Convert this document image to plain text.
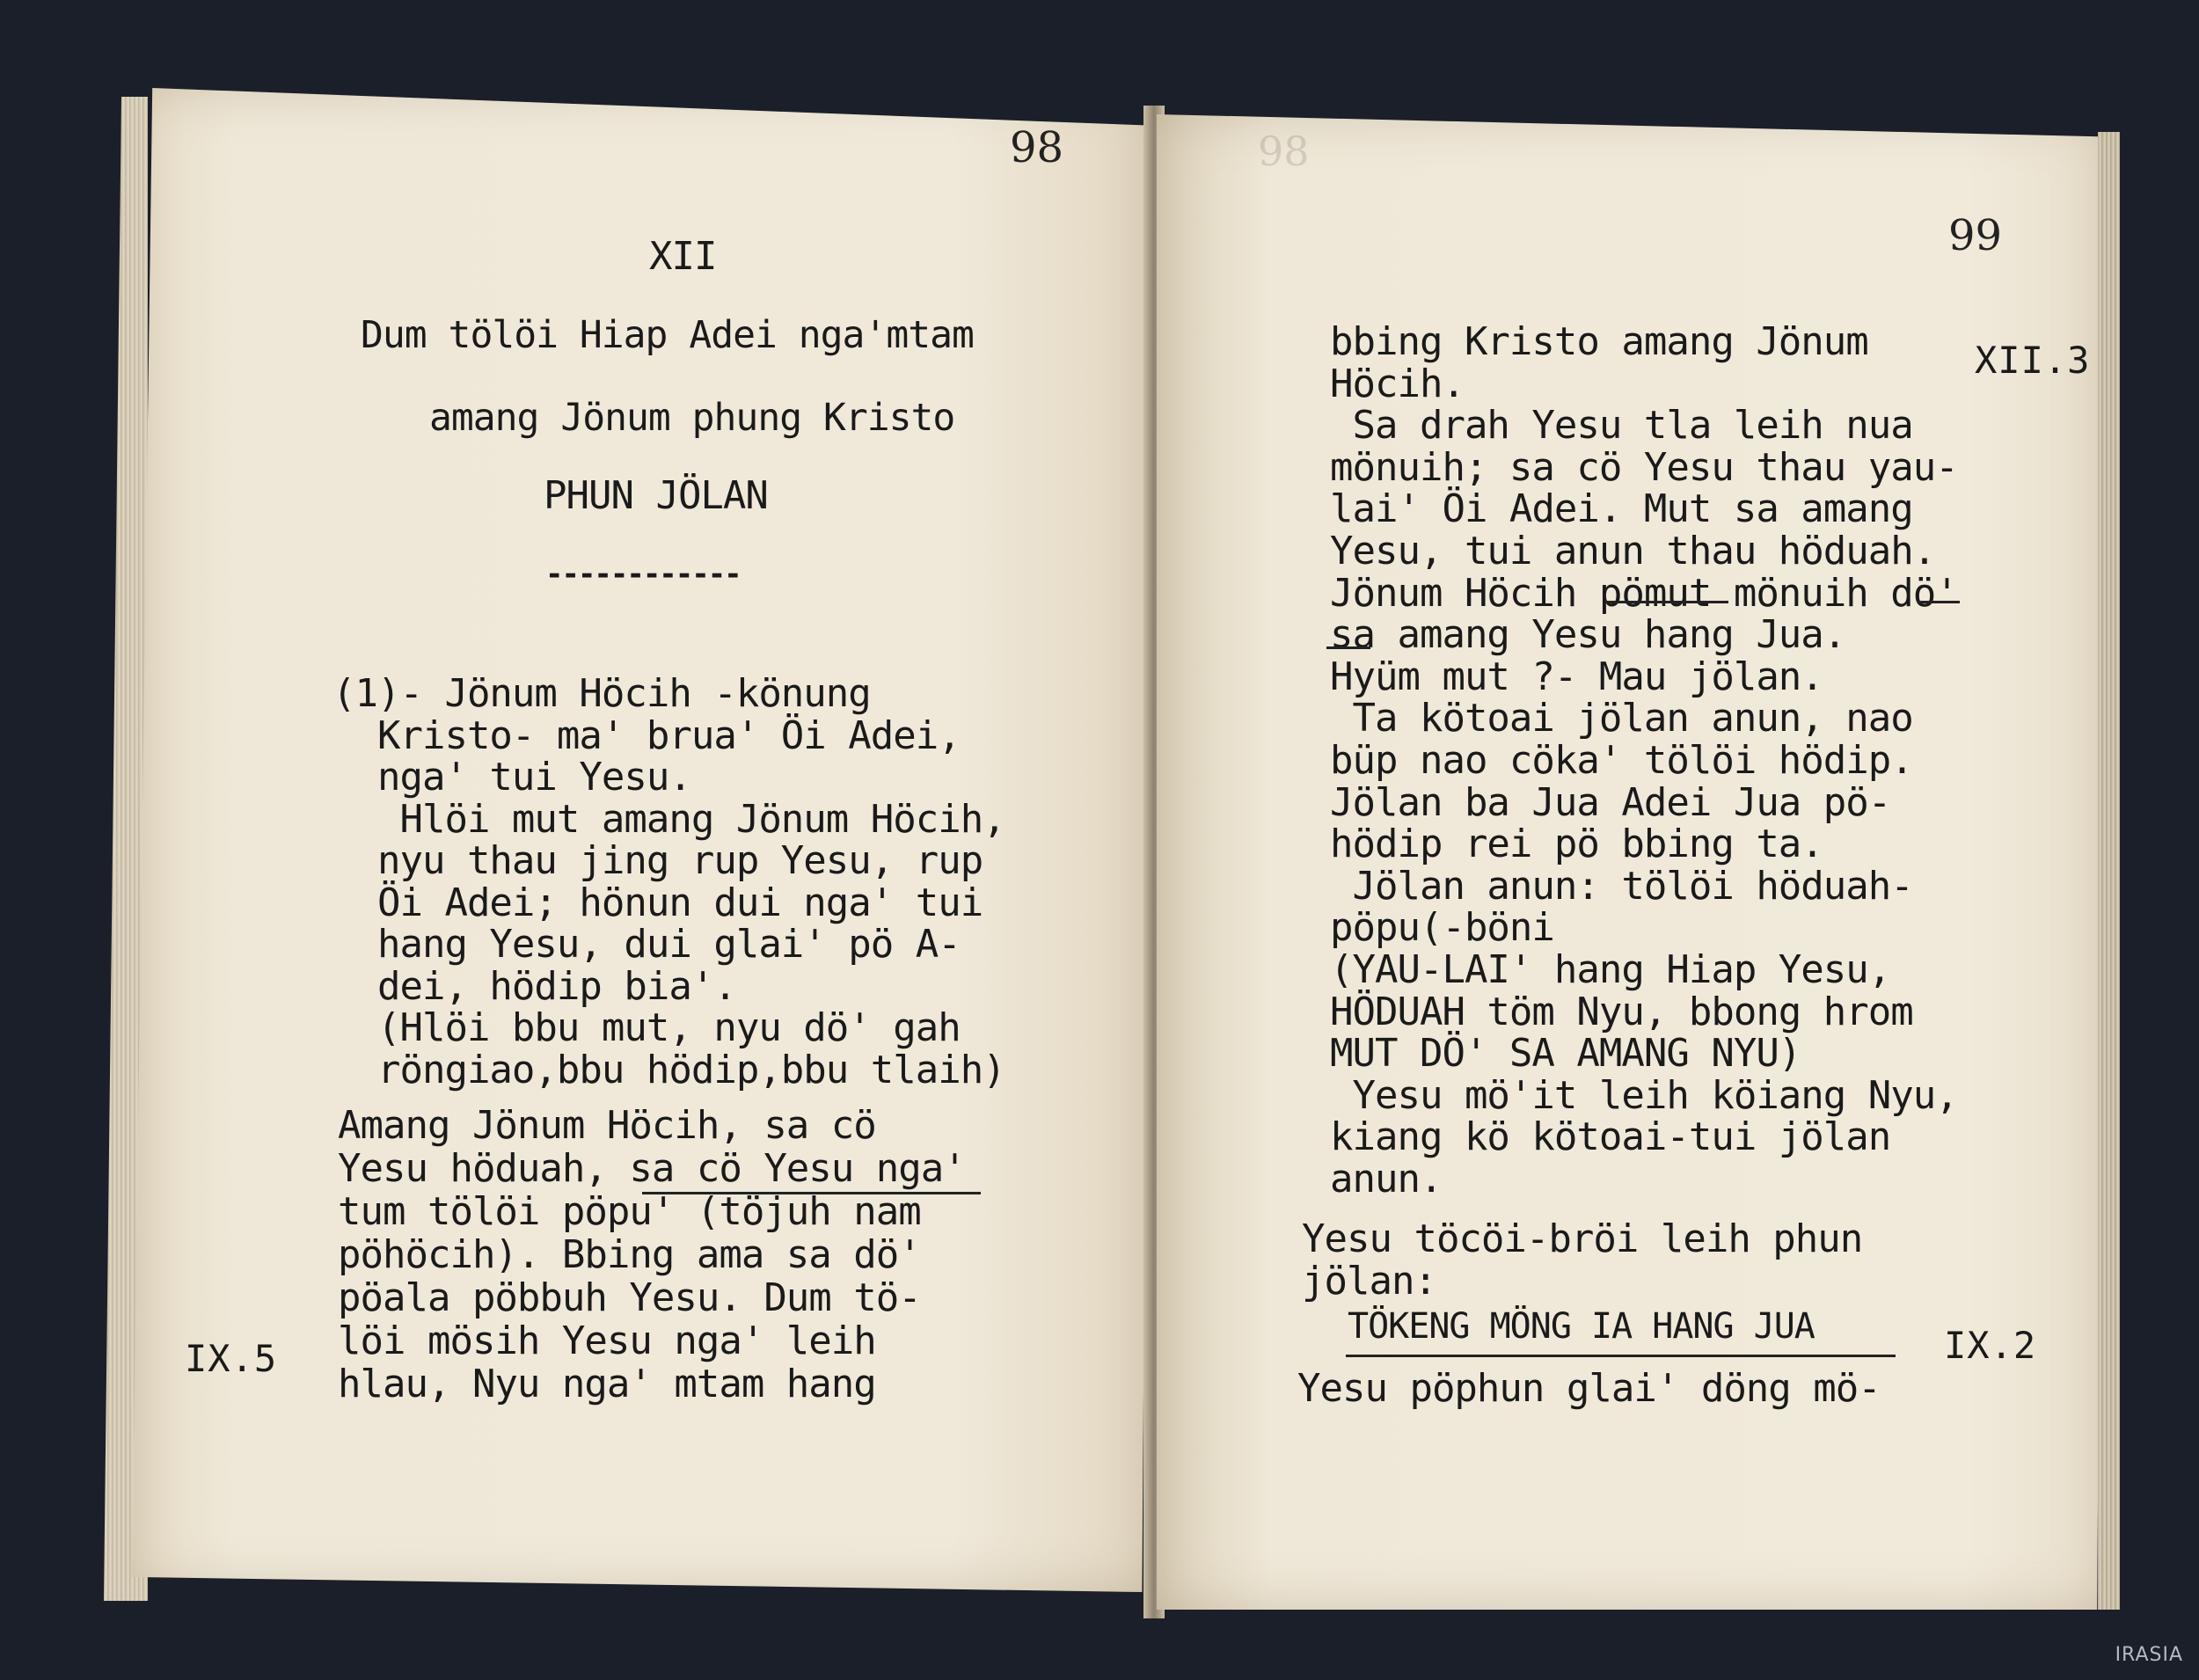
98
XII
Dum tölöi Hiap Adei nga'mtam
amang Jönum phung Kristo
PHUN JÖLAN
------------
(1)- Jönum Höcih -könung
Kristo- ma' brua' Öi Adei,
nga' tui Yesu.
Hlöi mut amang Jönum Höcih,
nyu thau jing rup Yesu, rup
Öi Adei; hönun dui nga' tui
hang Yesu, dui glai' pö A-
dei, hödip bia'.
(Hlöi bbu mut, nyu dö' gah
röngiao,bbu hödip,bbu tlaih)
Amang Jönum Höcih, sa cö
Yesu höduah, sa cö Yesu nga'
tum tölöi pöpu' (töjuh nam
pöhöcih). Bbing ama sa dö'
pöala pöbbuh Yesu. Dum tö-
löi mösih Yesu nga' leih
hlau, Nyu nga' mtam hang
IX.5
98
99
XII.3
bbing Kristo amang Jönum
Höcih.
Sa drah Yesu tla leih nua
mönuih; sa cö Yesu thau yau-
lai' Öi Adei. Mut sa amang
Yesu, tui anun thau höduah.
Jönum Höcih pömut mönuih dö'
sa amang Yesu hang Jua.
Hyüm mut ?- Mau jölan.
Ta kötoai jölan anun, nao
büp nao cöka' tölöi hödip.
Jölan ba Jua Adei Jua pö-
hödip rei pö bbing ta.
Jölan anun: tölöi höduah-
pöpu(-böni
(YAU-LAI' hang Hiap Yesu,
HÖDUAH töm Nyu, bbong hrom
MUT DÖ' SA AMANG NYU)
Yesu mö'it leih köiang Nyu,
kiang kö kötoai-tui jölan
anun.
Yesu töcöi-bröi leih phun
jölan:
TÖKENG MÖNG IA HANG JUA	IX.2
Yesu pöphun glai' döng mö-
IRASIA
